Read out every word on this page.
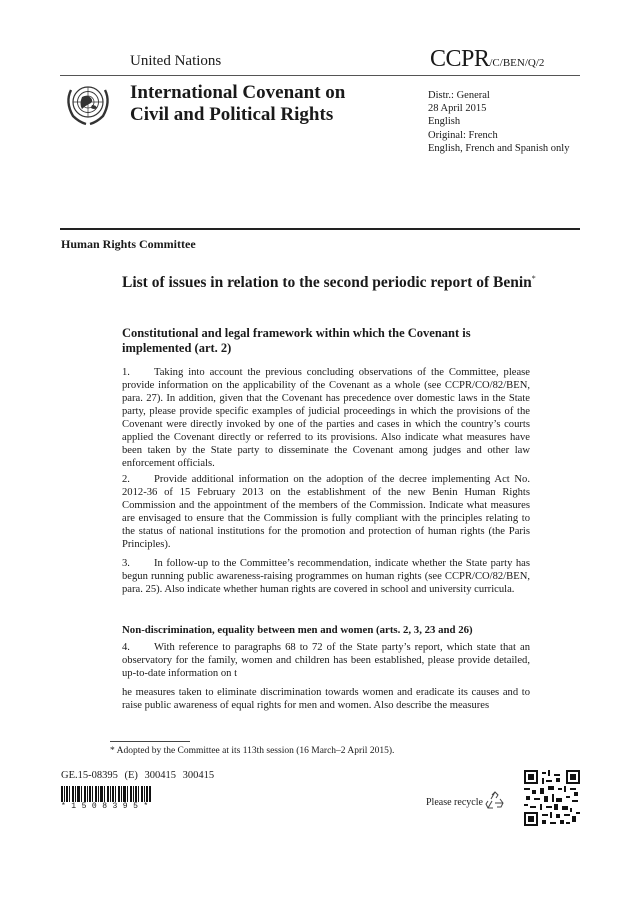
United Nations	CCPR/C/BEN/Q/2
International Covenant on
Civil and Political Rights
Distr.: General
28 April 2015
English
Original: French
English, French and Spanish only
Human Rights Committee
List of issues in relation to the second periodic report of Benin*
Constitutional and legal framework within which the Covenant is implemented (art. 2)
1. Taking into account the previous concluding observations of the Committee, please provide information on the applicability of the Covenant as a whole (see CCPR/CO/82/BEN, para. 27). In addition, given that the Covenant has precedence over domestic laws in the State party, please provide specific examples of judicial proceedings in which the provisions of the Covenant were directly invoked by one of the parties and cases in which the country’s courts applied the Covenant directly or referred to its provisions. Also indicate what measures have been taken by the State party to disseminate the Covenant among judges and other law enforcement officials.
2. Provide additional information on the adoption of the decree implementing Act No. 2012-36 of 15 February 2013 on the establishment of the new Benin Human Rights Commission and the appointment of the members of the Commission. Indicate what measures are envisaged to ensure that the Commission is fully compliant with the principles relating to the status of national institutions for the promotion and protection of human rights (the Paris Principles).
3. In follow-up to the Committee’s recommendation, indicate whether the State party has begun running public awareness-raising programmes on human rights (see CCPR/CO/82/BEN, para. 25). Also indicate whether human rights are covered in school and university curricula.
Non-discrimination, equality between men and women (arts. 2, 3, 23 and 26)
4. With reference to paragraphs 68 to 72 of the State party’s report, which state that an observatory for the family, women and children has been established, please provide detailed, up-to-date information on t
he measures taken to eliminate discrimination towards women and eradicate its causes and to raise public awareness of equal rights for men and women. Also describe the measures
* Adopted by the Committee at its 113th session (16 March–2 April 2015).
GE.15-08395 (E) 300415 300415
*1508395*	Please recycle
